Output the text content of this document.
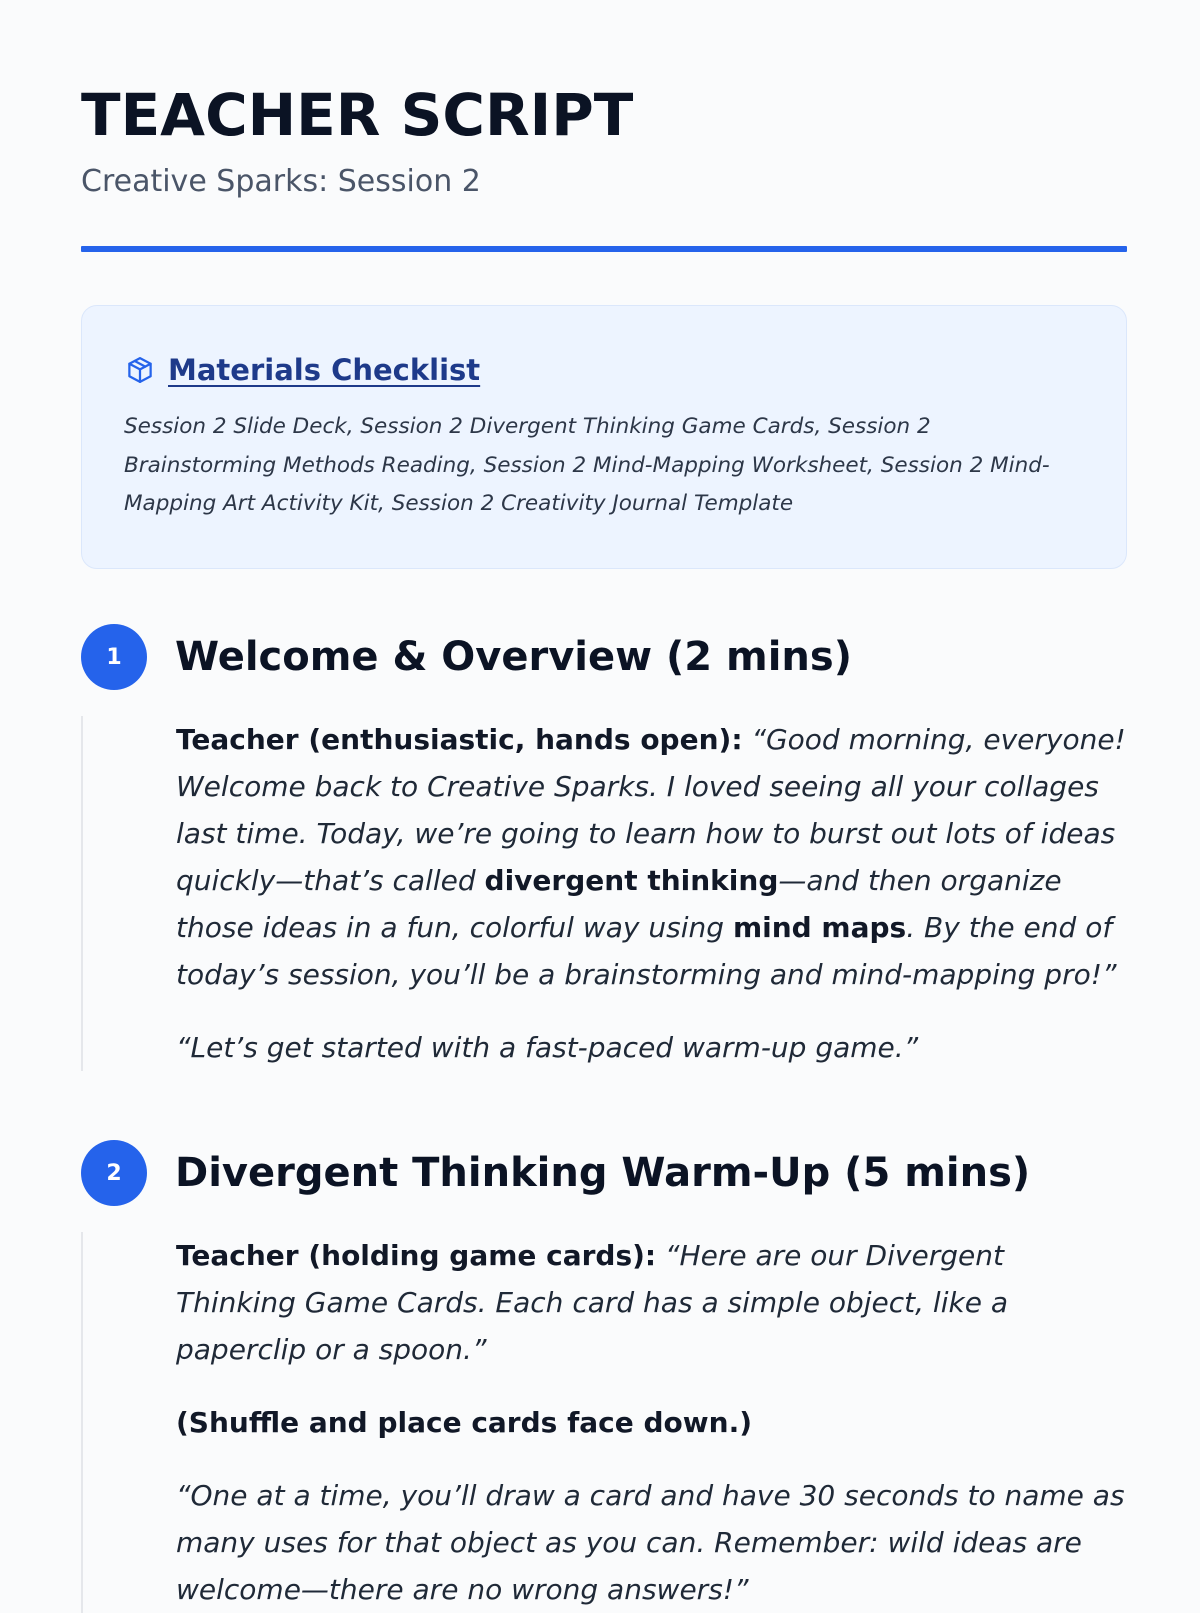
TEACHER SCRIPT
Creative Sparks: Session 2
Materials Checklist
Session 2 Slide Deck, Session 2 Divergent Thinking Game Cards, Session 2 Brainstorming Methods Reading, Session 2 Mind-Mapping Worksheet, Session 2 Mind-Mapping Art Activity Kit, Session 2 Creativity Journal Template
1	Welcome & Overview (2 mins)

Teacher (enthusiastic, hands open): “Good morning, everyone! Welcome back to Creative Sparks. I loved seeing all your collages last time. Today, we’re going to learn how to burst out lots of ideas quickly—that’s called divergent thinking—and then organize those ideas in a fun, colorful way using mind maps. By the end of today’s session, you’ll be a brainstorming and mind-mapping pro!”

“Let’s get started with a fast-paced warm-up game.”

2	Divergent Thinking Warm-Up (5 mins)

Teacher (holding game cards): “Here are our Divergent Thinking Game Cards. Each card has a simple object, like a paperclip or a spoon.”

(Shuffle and place cards face down.)

“One at a time, you’ll draw a card and have 30 seconds to name as many uses for that object as you can. Remember: wild ideas are welcome—there are no wrong answers!”
